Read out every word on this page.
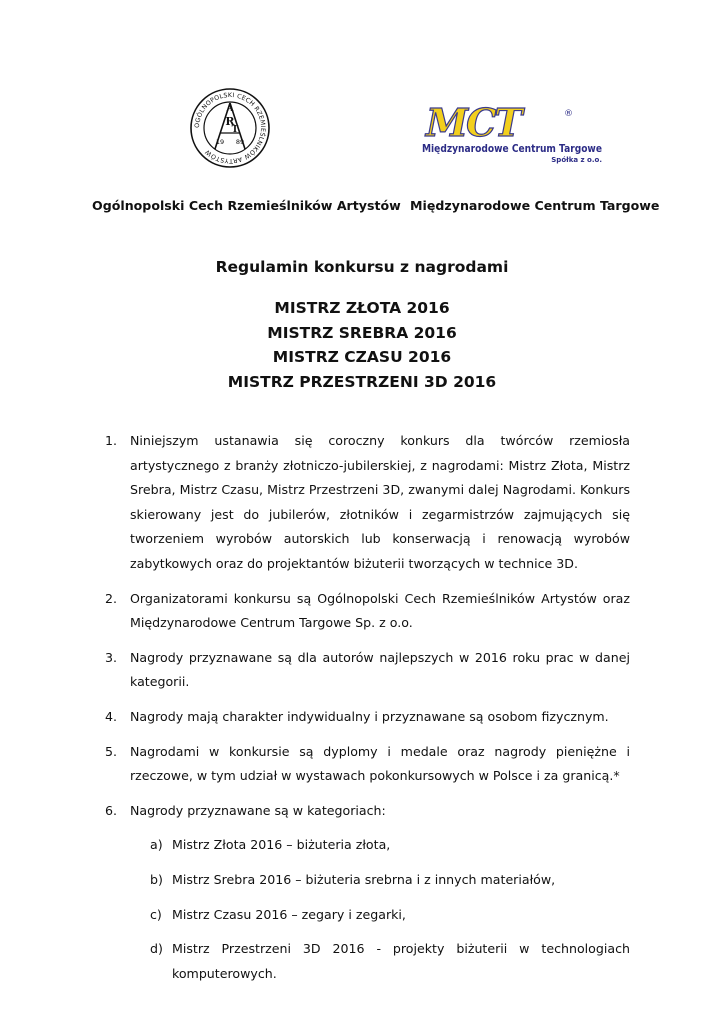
OGÓLNOPOLSKI CECH RZEMIEŚLNIKÓW ARTYSTÓW
A
R
T
19 89	MCT	®
Międzynarodowe Centrum Targowe
Spółka z o.o.
Ogólnopolski Cech Rzemieślników Artystów Międzynarodowe Centrum Targowe
Regulamin konkursu z nagrodami
MISTRZ ZŁOTA 2016
MISTRZ SREBRA 2016
MISTRZ CZASU 2016
MISTRZ PRZESTRZENI 3D 2016
1. Niniejszym ustanawia się coroczny konkurs dla twórców rzemiosła artystycznego z branży złotniczo-jubilerskiej, z nagrodami: Mistrz Złota, Mistrz Srebra, Mistrz Czasu, Mistrz Przestrzeni 3D, zwanymi dalej Nagrodami. Konkurs skierowany jest do jubilerów, złotników i zegarmistrzów zajmujących się tworzeniem wyrobów autorskich lub konserwacją i renowacją wyrobów zabytkowych oraz do projektantów biżuterii tworzących w technice 3D.
2. Organizatorami konkursu są Ogólnopolski Cech Rzemieślników Artystów oraz Międzynarodowe Centrum Targowe Sp. z o.o.
3. Nagrody przyznawane są dla autorów najlepszych w 2016 roku prac w danej kategorii.
4. Nagrody mają charakter indywidualny i przyznawane są osobom fizycznym.
5. Nagrodami w konkursie są dyplomy i medale oraz nagrody pieniężne i rzeczowe, w tym udział w wystawach pokonkursowych w Polsce i za granicą.*
6. Nagrody przyznawane są w kategoriach:
a) Mistrz Złota 2016 – biżuteria złota,
b) Mistrz Srebra 2016 – biżuteria srebrna i z innych materiałów,
c) Mistrz Czasu 2016 – zegary i zegarki,
d) Mistrz Przestrzeni 3D 2016 - projekty biżuterii w technologiach komputerowych.
